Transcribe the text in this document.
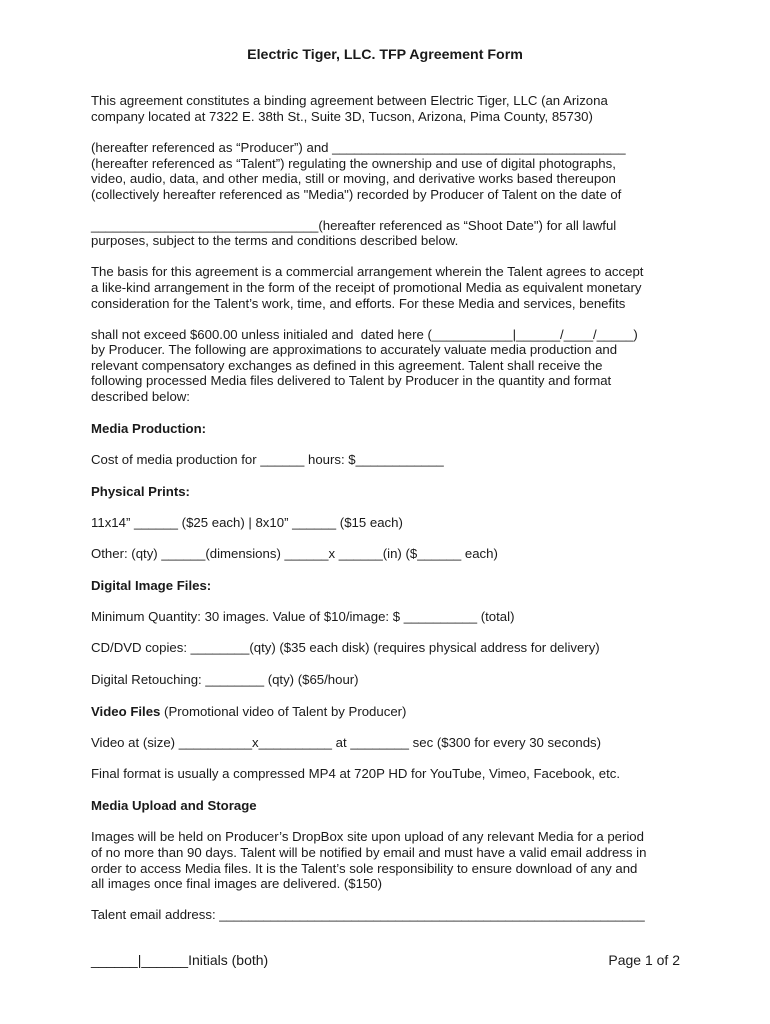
Electric Tiger, LLC. TFP Agreement Form
This agreement constitutes a binding agreement between Electric Tiger, LLC (an Arizona
company located at 7322 E. 38th St., Suite 3D, Tucson, Arizona, Pima County, 85730)
(hereafter referenced as “Producer”) and ________________________________________
(hereafter referenced as “Talent”) regulating the ownership and use of digital photographs,
video, audio, data, and other media, still or moving, and derivative works based thereupon
(collectively hereafter referenced as "Media") recorded by Producer of Talent on the date of
_______________________________(hereafter referenced as “Shoot Date") for all lawful
purposes, subject to the terms and conditions described below.
The basis for this agreement is a commercial arrangement wherein the Talent agrees to accept
a like-kind arrangement in the form of the receipt of promotional Media as equivalent monetary
consideration for the Talent’s work, time, and efforts. For these Media and services, benefits
shall not exceed $600.00 unless initialed and  dated here (___________|______/____/_____)
by Producer. The following are approximations to accurately valuate media production and
relevant compensatory exchanges as defined in this agreement. Talent shall receive the
following processed Media files delivered to Talent by Producer in the quantity and format
described below:
Media Production:
Cost of media production for ______ hours: $____________
Physical Prints:
11x14” ______ ($25 each) | 8x10” ______ ($15 each)
Other: (qty) ______(dimensions) ______x ______(in) ($______ each)
Digital Image Files:
Minimum Quantity: 30 images. Value of $10/image: $ __________ (total)
CD/DVD copies: ________(qty) ($35 each disk) (requires physical address for delivery)
Digital Retouching: ________ (qty) ($65/hour)
Video Files (Promotional video of Talent by Producer)
Video at (size) __________x__________ at ________ sec ($300 for every 30 seconds)
Final format is usually a compressed MP4 at 720P HD for YouTube, Vimeo, Facebook, etc.
Media Upload and Storage
Images will be held on Producer’s DropBox site upon upload of any relevant Media for a period
of no more than 90 days. Talent will be notified by email and must have a valid email address in
order to access Media files. It is the Talent’s sole responsibility to ensure download of any and
all images once final images are delivered. ($150)
Talent email address: __________________________________________________________
______|______Initials (both)	Page 1 of 2
